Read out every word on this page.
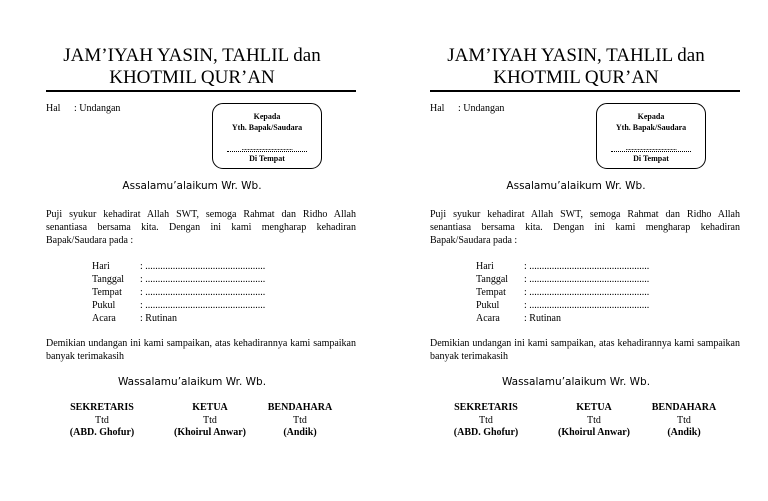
JAM’IYAH YASIN, TAHLIL dan
KHOTMIL QUR’AN
Hal : Undangan
Kepada
Yth. Bapak/Saudara
..................................
Di Tempat
Assalamu’alaikum Wr. Wb.
Puji syukur kehadirat Allah SWT, semoga Rahmat dan Ridho Allah senantiasa bersama kita. Dengan ini kami mengharap kehadiran Bapak/Saudara pada :
Hari	: ................................................
Tanggal : ................................................
Tempat : ................................................
Pukul : ................................................
Acara : Rutinan
Demikian undangan ini kami sampaikan, atas kehadirannya kami sampaikan banyak terimakasih
Wassalamu’alaikum Wr. Wb.
SEKRETARIS
Ttd
(ABD. Ghofur)
KETUA
Ttd
(Khoirul Anwar)
BENDAHARA
Ttd
(Andik)
JAM’IYAH YASIN, TAHLIL dan
KHOTMIL QUR’AN
Hal : Undangan
Kepada
Yth. Bapak/Saudara
..................................
Di Tempat
Assalamu’alaikum Wr. Wb.
Puji syukur kehadirat Allah SWT, semoga Rahmat dan Ridho Allah senantiasa bersama kita. Dengan ini kami mengharap kehadiran Bapak/Saudara pada :
Hari	: ................................................
Tanggal : ................................................
Tempat : ................................................
Pukul : ................................................
Acara : Rutinan
Demikian undangan ini kami sampaikan, atas kehadirannya kami sampaikan banyak terimakasih
Wassalamu’alaikum Wr. Wb.
SEKRETARIS
Ttd
(ABD. Ghofur)
KETUA
Ttd
(Khoirul Anwar)
BENDAHARA
Ttd
(Andik)
